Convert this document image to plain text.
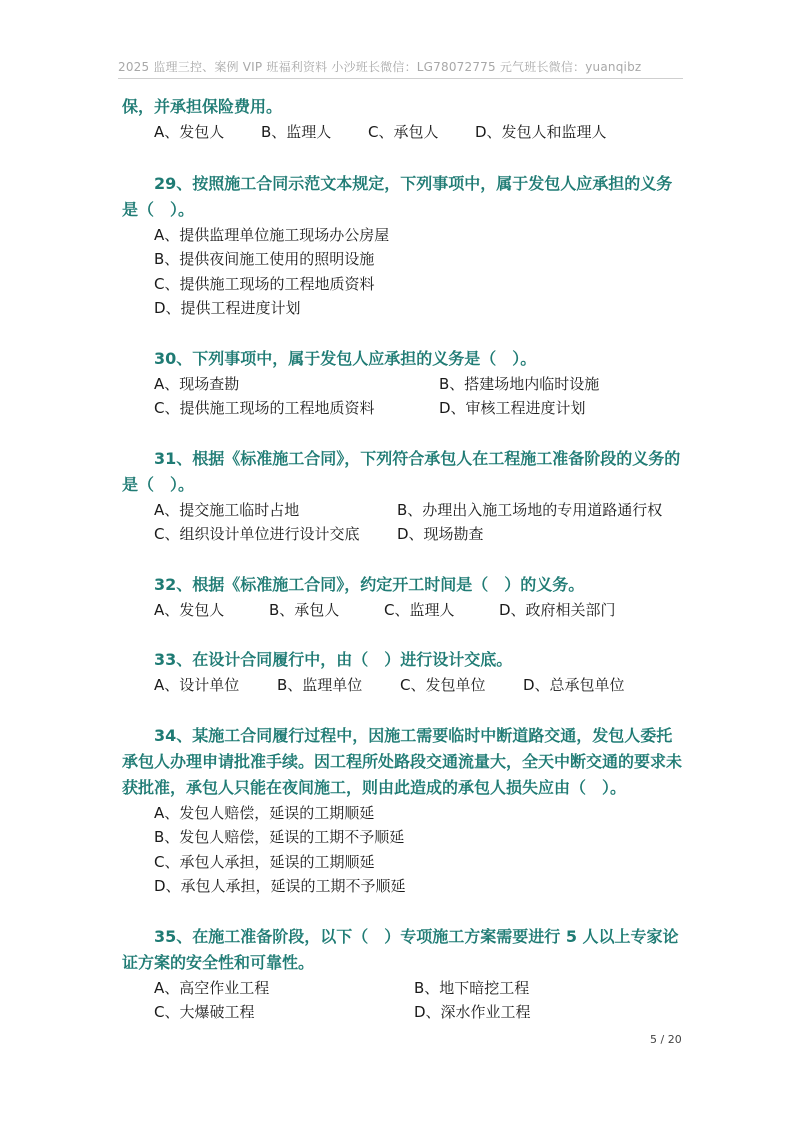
2025 监理三控、案例 VIP 班福利资料 小沙班长微信：LG78072775 元气班长微信：yuanqibz

保，并承担保险费用。

A、发包人	B、监理人	C、承包人	D、发包人和监理人

29、按照施工合同示范文本规定，下列事项中，属于发包人应承担的义务是（　）。

A、提供监理单位施工现场办公房屋
B、提供夜间施工使用的照明设施
C、提供施工现场的工程地质资料
D、提供工程进度计划

30、下列事项中，属于发包人应承担的义务是（　）。

A、现场查勘	B、搭建场地内临时设施
C、提供施工现场的工程地质资料	D、审核工程进度计划

31、根据《标准施工合同》，下列符合承包人在工程施工准备阶段的义务的是（　）。

A、提交施工临时占地	B、办理出入施工场地的专用道路通行权
C、组织设计单位进行设计交底	D、现场勘查

32、根据《标准施工合同》，约定开工时间是（　）的义务。

A、发包人	B、承包人	C、监理人	D、政府相关部门

33、在设计合同履行中，由（　）进行设计交底。

A、设计单位	B、监理单位	C、发包单位	D、总承包单位

34、某施工合同履行过程中，因施工需要临时中断道路交通，发包人委托承包人办理申请批准手续。因工程所处路段交通流量大，全天中断交通的要求未获批准，承包人只能在夜间施工，则由此造成的承包人损失应由（　）。

A、发包人赔偿，延误的工期顺延
B、发包人赔偿，延误的工期不予顺延
C、承包人承担，延误的工期顺延
D、承包人承担，延误的工期不予顺延

35、在施工准备阶段，以下（　）专项施工方案需要进行 5 人以上专家论证方案的安全性和可靠性。

A、高空作业工程	B、地下暗挖工程
C、大爆破工程	D、深水作业工程
5 / 20
